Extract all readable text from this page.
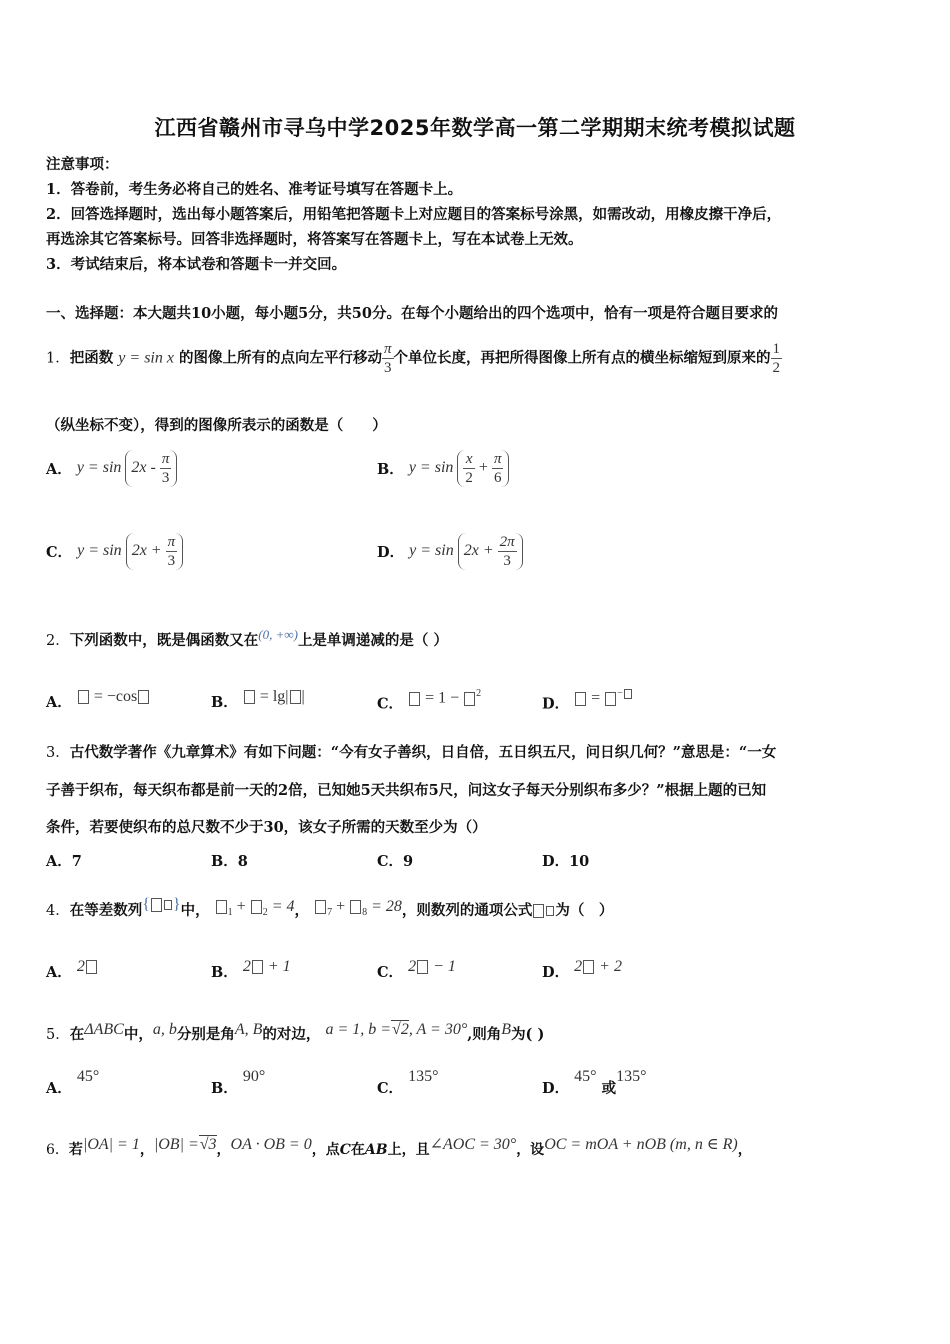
江西省赣州市寻乌中学2025年数学高一第二学期期末统考模拟试题
注意事项：
1．答卷前，考生务必将自己的姓名、准考证号填写在答题卡上。
2．回答选择题时，选出每小题答案后，用铅笔把答题卡上对应题目的答案标号涂黑，如需改动，用橡皮擦干净后，
再选涂其它答案标号。回答非选择题时，将答案写在答题卡上，写在本试卷上无效。
3．考试结束后，将本试卷和答题卡一并交回。
一、选择题：本大题共10小题，每小题5分，共50分。在每个小题给出的四个选项中，恰有一项是符合题目要求的
1．把函数 y = sin x 的图像上所有的点向左平行移动 $\frac{\pi}{3}$ 个单位长度，再把所得图像上所有点的横坐标缩短到原来的 $\frac{1}{2}$
（纵坐标不变），得到的图像所表示的函数是（　　）
A． $y = \sin 2x - \frac{\pi}{3}$	B． $y = \sin \frac{x}{2} + \frac{\pi}{6}$
C． $y = \sin 2x + \frac{\pi}{3}$	D． $y = \sin 2x + \frac{2\pi}{3}$
2．下列函数中，既是偶函数又在(0, +∞)上是单调递减的是（ ）
A． = −cos	B． = lg| |	C． = 1 − $^2$
D． = −
3．古代数学著作《九章算术》有如下问题：“今有女子善织，日自倍，五日织五尺，问日织几何？”意思是：“一女
子善于织布，每天织布都是前一天的2倍，已知她5天共织布5尺，问这女子每天分别织布多少？”根据上题的已知
条件，若要使织布的总尺数不少于30，该女子所需的天数至少为（）
A．7	B．8	C．9	D．10
4．在等差数列{ }中， $_1$ + $_2$ = 4， $_7$ + $_8$ = 28，则数列的通项公式 为（　）
A． 2	B． 2 + 1	C． 2 − 1	D． 2 + 2
5．在ΔABC中，a, b分别是角A, B的对边， a = 1, b =√2, A = 30°,则角B为( )
A． 45°
B． 90°
C． 135°
D． 45° 或135°
6．若|OA| = 1，|OB| =√3，OA · OB = 0，点C在AB上，且∠AOC = 30°，设OC = mOA + nOB (m, n ∈ R)，
